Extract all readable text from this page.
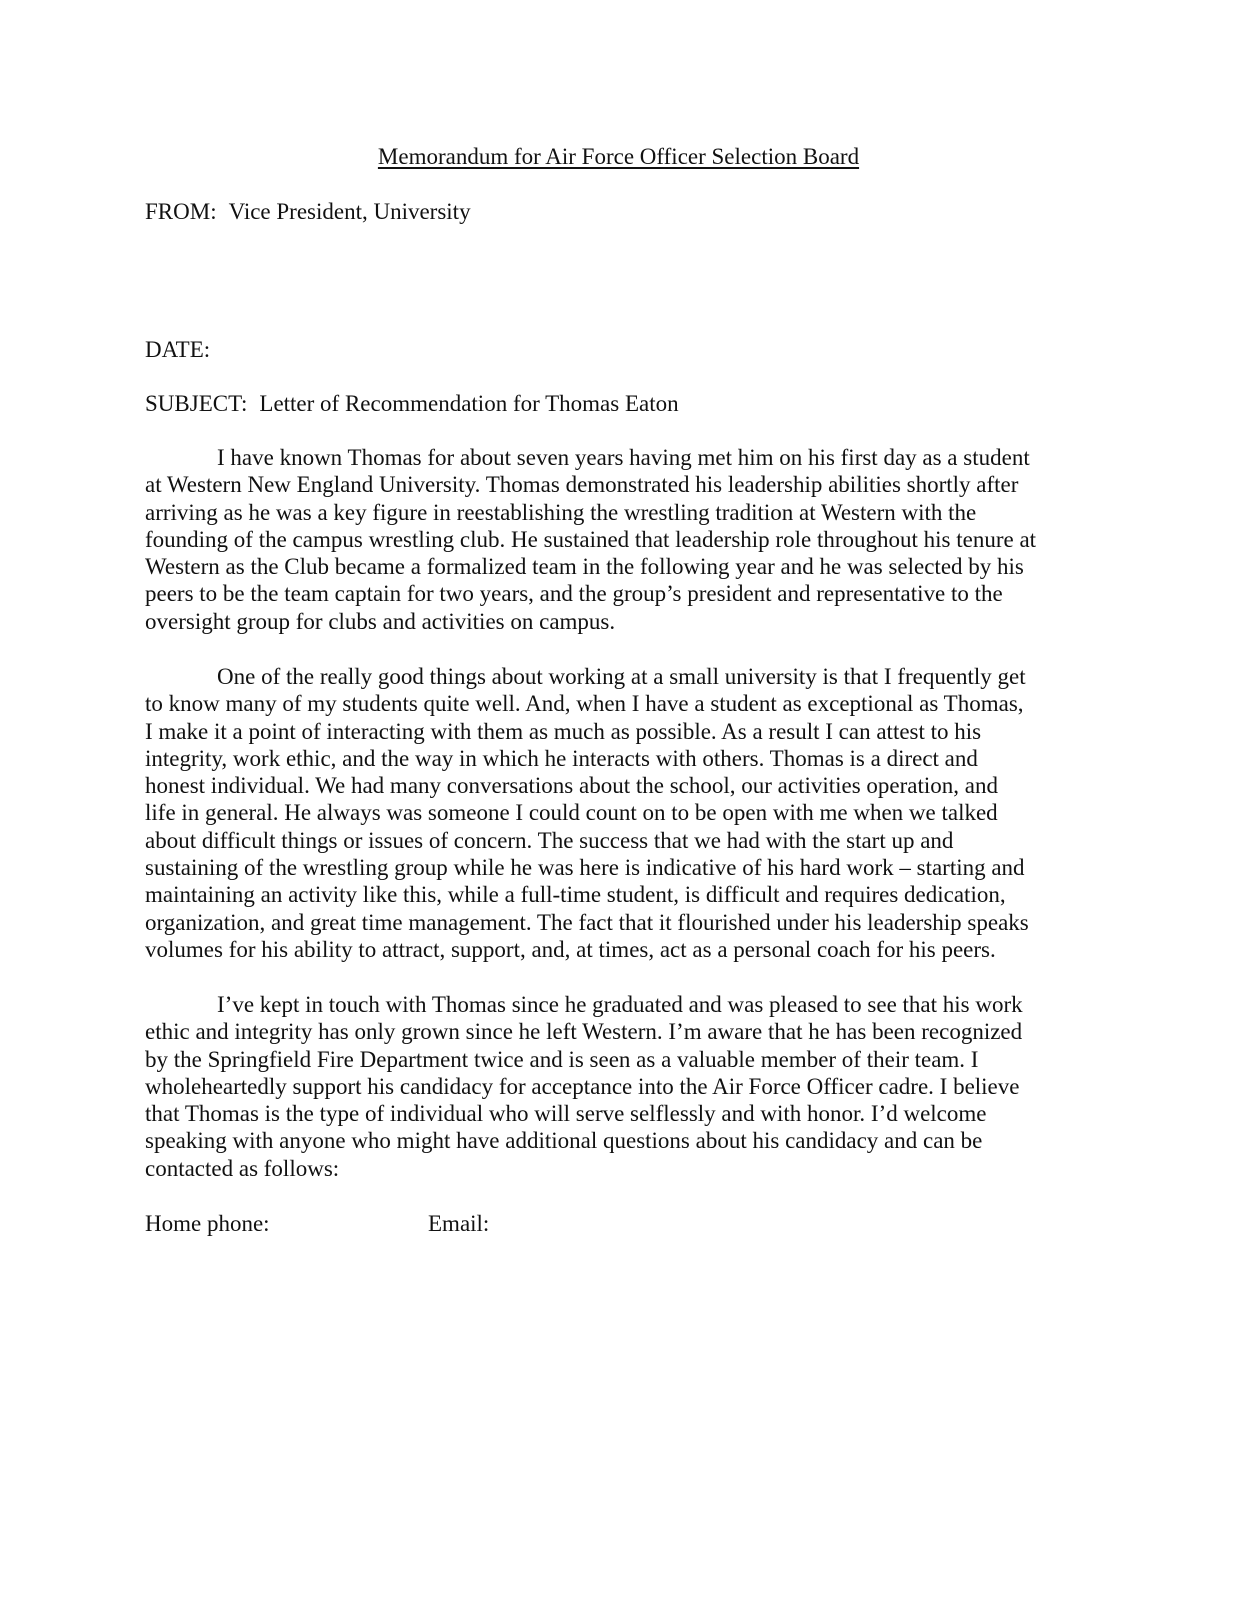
Memorandum for Air Force Officer Selection Board
FROM: Vice President, University
DATE:
SUBJECT: Letter of Recommendation for Thomas Eaton
I have known Thomas for about seven years having met him on his first day as a student
at Western New England University. Thomas demonstrated his leadership abilities shortly after
arriving as he was a key figure in reestablishing the wrestling tradition at Western with the
founding of the campus wrestling club. He sustained that leadership role throughout his tenure at
Western as the Club became a formalized team in the following year and he was selected by his
peers to be the team captain for two years, and the group’s president and representative to the
oversight group for clubs and activities on campus.
One of the really good things about working at a small university is that I frequently get
to know many of my students quite well. And, when I have a student as exceptional as Thomas,
I make it a point of interacting with them as much as possible. As a result I can attest to his
integrity, work ethic, and the way in which he interacts with others. Thomas is a direct and
honest individual. We had many conversations about the school, our activities operation, and
life in general. He always was someone I could count on to be open with me when we talked
about difficult things or issues of concern. The success that we had with the start up and
sustaining of the wrestling group while he was here is indicative of his hard work – starting and
maintaining an activity like this, while a full-time student, is difficult and requires dedication,
organization, and great time management. The fact that it flourished under his leadership speaks
volumes for his ability to attract, support, and, at times, act as a personal coach for his peers.
I’ve kept in touch with Thomas since he graduated and was pleased to see that his work
ethic and integrity has only grown since he left Western. I’m aware that he has been recognized
by the Springfield Fire Department twice and is seen as a valuable member of their team. I
wholeheartedly support his candidacy for acceptance into the Air Force Officer cadre. I believe
that Thomas is the type of individual who will serve selflessly and with honor. I’d welcome
speaking with anyone who might have additional questions about his candidacy and can be
contacted as follows:
Home phone:	Email:
